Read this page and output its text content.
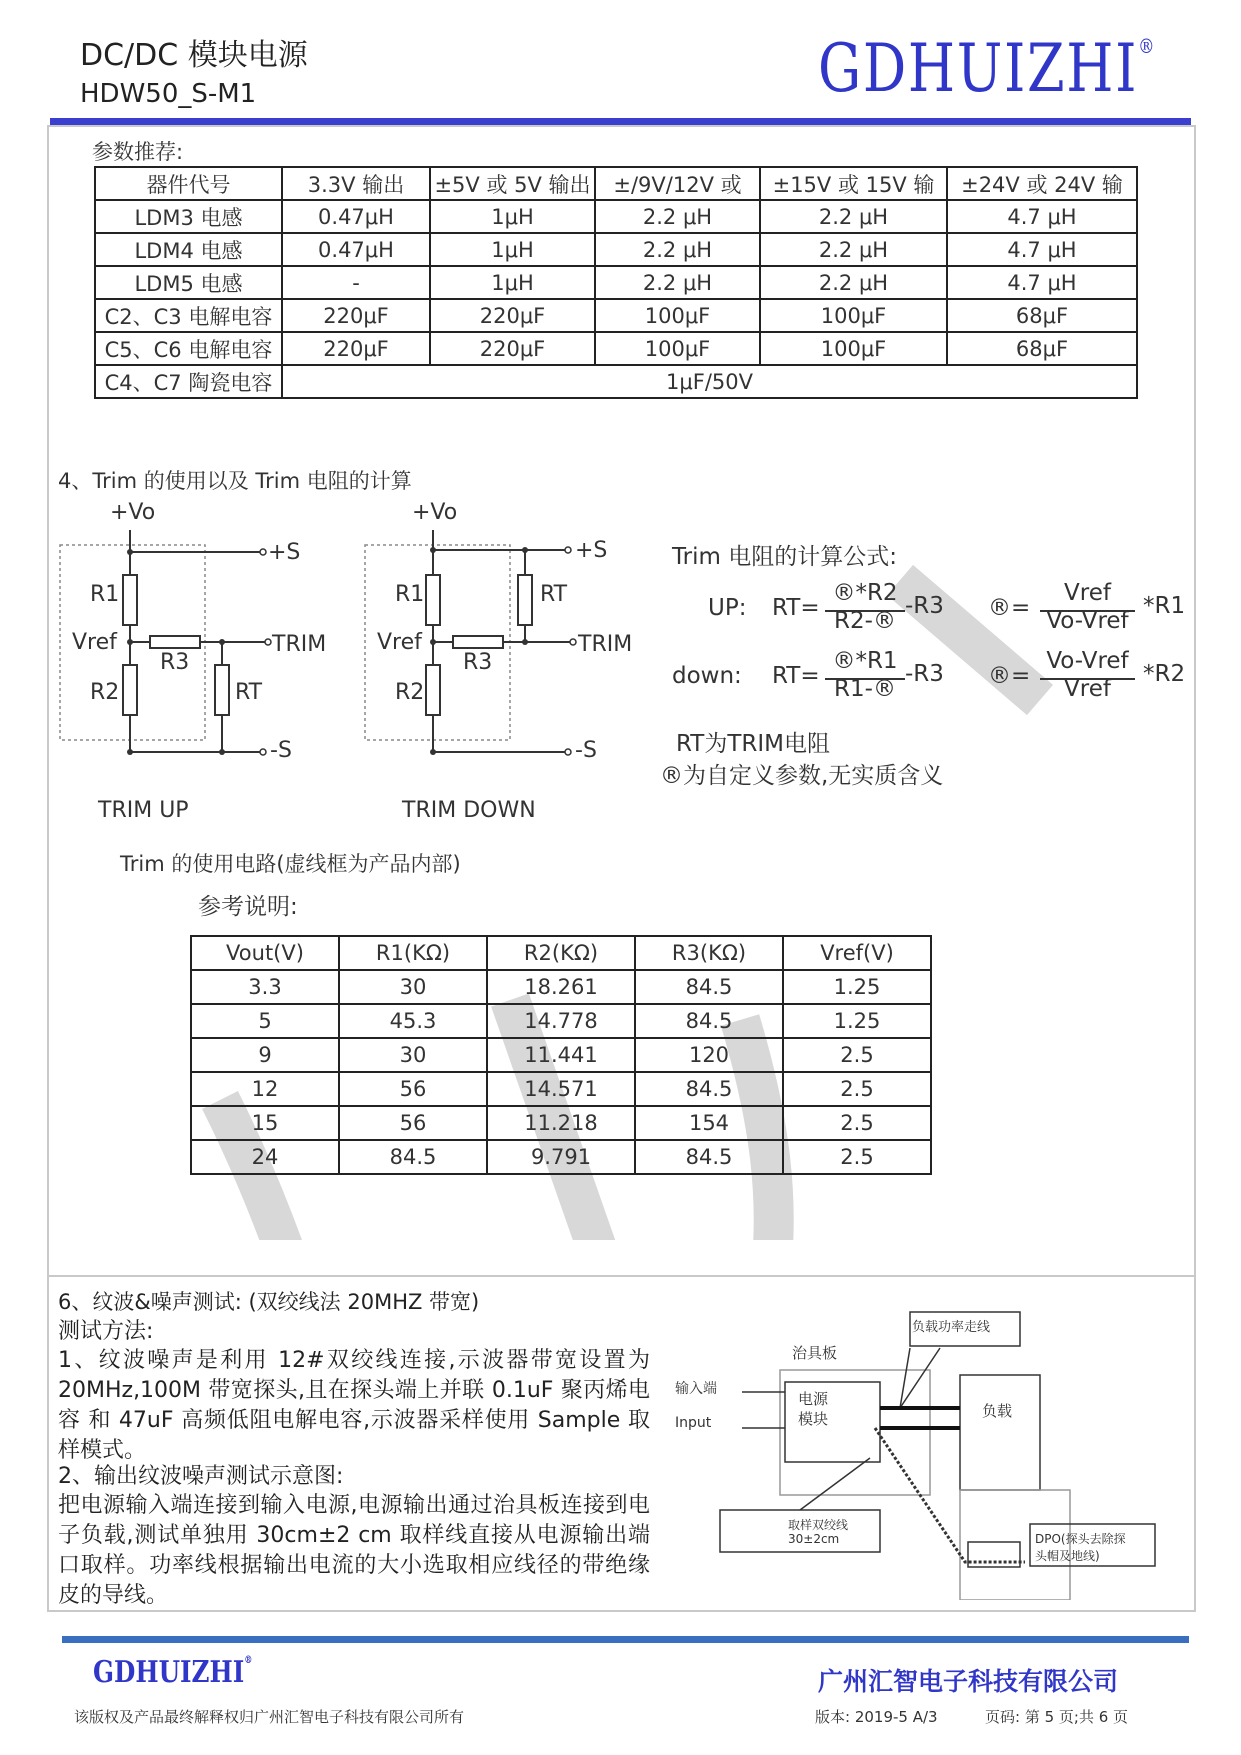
DC/DC 模块电源
HDW50_S-M1	GDHUIZHI®
参数推荐:
器件代号	3.3V 输出	±5V 或 5V 输出	±/9V/12V 或	±15V 或 15V 输	±24V 或 24V 输
LDM3 电感	0.47μH	1μH	2.2 μH	2.2 μH	4.7 μH
LDM4 电感	0.47μH	1μH	2.2 μH	2.2 μH	4.7 μH
LDM5 电感	-	1μH	2.2 μH	2.2 μH	4.7 μH
C2、C3 电解电容	220μF	220μF	100μF	100μF	68μF
C5、C6 电解电容	220μF	220μF	100μF	100μF	68μF
C4、C7 陶瓷电容	1μF/50V				
4、Trim 的使用以及 Trim 电阻的计算
+Vo
+S
R1
Vref
R3
TRIM
R2	RT
-S
TRIM UP
+Vo
+S
R1	RT
Vref
R3
TRIM
R2
-S
TRIM DOWN
Trim 的使用电路(虚线框为产品内部)
Trim 电阻的计算公式:
UP: RT=
®*R2
R2-®
-R3 ®=
Vref
Vo-Vref
*R1
down: RT=
®*R1
R1-®
-R3 ®=
Vo-Vref
Vref
*R2
RT为TRIM电阻
®为自定义参数,无实质含义
参考说明:
Vout(V)	R1(KΩ)	R2(KΩ)	R3(KΩ)	Vref(V)
3.3	30	18.261	84.5	1.25
5	45.3	14.778	84.5	1.25
9	30	11.441	120	2.5
12	56	14.571	84.5	2.5
15	56	11.218	154	2.5
24	84.5	9.791	84.5	2.5
6、纹波&噪声测试: (双绞线法 20MHZ 带宽)
测试方法:
1、纹波噪声是利用 12#双绞线连接,示波器带宽设置为 20MHz,100M 带宽探头,且在探头端上并联 0.1uF 聚丙烯电容 和 47uF 高频低阻电解电容,示波器采样使用 Sample 取样模式。
2、输出纹波噪声测试示意图:
把电源输入端连接到输入电源,电源输出通过治具板连接到电子负载,测试单独用 30cm±2 cm 取样线直接从电源输出端口取样。功率线根据输出电流的大小选取相应线径的带绝缘皮的导线。
负载功率走线
治具板
输入端
Input
电源
模块	负载
取样双绞线
30±2cm	DPO(探头去除探
头帽及地线)
GDHUIZHI®
广州汇智电子科技有限公司
该版权及产品最终解释权归广州汇智电子科技有限公司所有	版本: 2019-5 A/3	页码: 第 5 页;共 6 页
